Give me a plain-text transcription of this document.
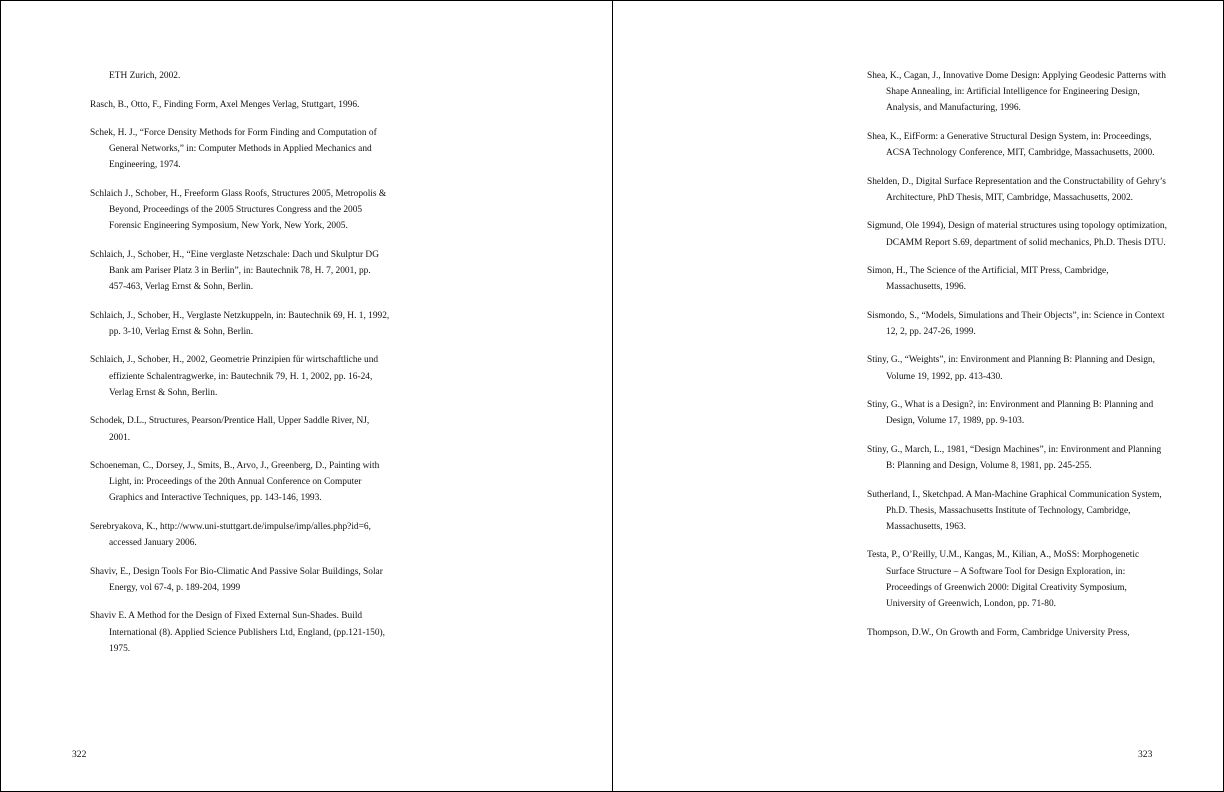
ETH Zurich, 2002.
Rasch, B., Otto, F., Finding Form, Axel Menges Verlag, Stuttgart, 1996.
Schek, H. J., “Force Density Methods for Form Finding and Computation of General Networks,” in: Computer Methods in Applied Mechanics and Engineering, 1974.
Schlaich J., Schober, H., Freeform Glass Roofs, Structures 2005, Metropolis & Beyond, Proceedings of the 2005 Structures Congress and the 2005 Forensic Engineering Symposium, New York, New York, 2005.
Schlaich, J., Schober, H., “Eine verglaste Netzschale: Dach und Skulptur DG Bank am Pariser Platz 3 in Berlin”, in: Bautechnik 78, H. 7, 2001, pp. 457-463, Verlag Ernst & Sohn, Berlin.
Schlaich, J., Schober, H., Verglaste Netzkuppeln, in: Bautechnik 69, H. 1, 1992, pp. 3-10, Verlag Ernst & Sohn, Berlin.
Schlaich, J., Schober, H., 2002, Geometrie Prinzipien für wirtschaftliche und effiziente Schalentragwerke, in: Bautechnik 79, H. 1, 2002, pp. 16-24, Verlag Ernst & Sohn, Berlin.
Schodek, D.L., Structures, Pearson/Prentice Hall, Upper Saddle River, NJ, 2001.
Schoeneman, C., Dorsey, J., Smits, B., Arvo, J., Greenberg, D., Painting with Light, in: Proceedings of the 20th Annual Conference on Computer Graphics and Interactive Techniques, pp. 143-146, 1993.
Serebryakova, K., http://www.uni-stuttgart.de/impulse/imp/alles.php?id=6, accessed January 2006.
Shaviv, E., Design Tools For Bio-Climatic And Passive Solar Buildings, Solar Energy, vol 67-4, p. 189-204, 1999
Shaviv E. A Method for the Design of Fixed External Sun-Shades. Build International (8). Applied Science Publishers Ltd, England, (pp.121-150), 1975.
322
Shea, K., Cagan, J., Innovative Dome Design: Applying Geodesic Patterns with Shape Annealing, in: Artificial Intelligence for Engineering Design, Analysis, and Manufacturing, 1996.
Shea, K., EifForm: a Generative Structural Design System, in: Proceedings, ACSA Technology Conference, MIT, Cambridge, Massachusetts, 2000.
Shelden, D., Digital Surface Representation and the Constructability of Gehry’s Architecture, PhD Thesis, MIT, Cambridge, Massachusetts, 2002.
Sigmund, Ole 1994), Design of material structures using topology optimization, DCAMM Report S.69, department of solid mechanics, Ph.D. Thesis DTU.
Simon, H., The Science of the Artificial, MIT Press, Cambridge, Massachusetts, 1996.
Sismondo, S., “Models, Simulations and Their Objects”, in: Science in Context 12, 2, pp. 247-26, 1999.
Stiny, G., “Weights”, in: Environment and Planning B: Planning and Design, Volume 19, 1992, pp. 413-430.
Stiny, G., What is a Design?, in: Environment and Planning B: Planning and Design, Volume 17, 1989, pp. 9-103.
Stiny, G., March, L., 1981, “Design Machines”, in: Environment and Planning B: Planning and Design, Volume 8, 1981, pp. 245-255.
Sutherland, I., Sketchpad. A Man-Machine Graphical Communication System, Ph.D. Thesis, Massachusetts Institute of Technology, Cambridge, Massachusetts, 1963.
Testa, P., O’Reilly, U.M., Kangas, M., Kilian, A., MoSS: Morphogenetic Surface Structure – A Software Tool for Design Exploration, in: Proceedings of Greenwich 2000: Digital Creativity Symposium, University of Greenwich, London, pp. 71-80.
Thompson, D.W., On Growth and Form, Cambridge University Press,
323
